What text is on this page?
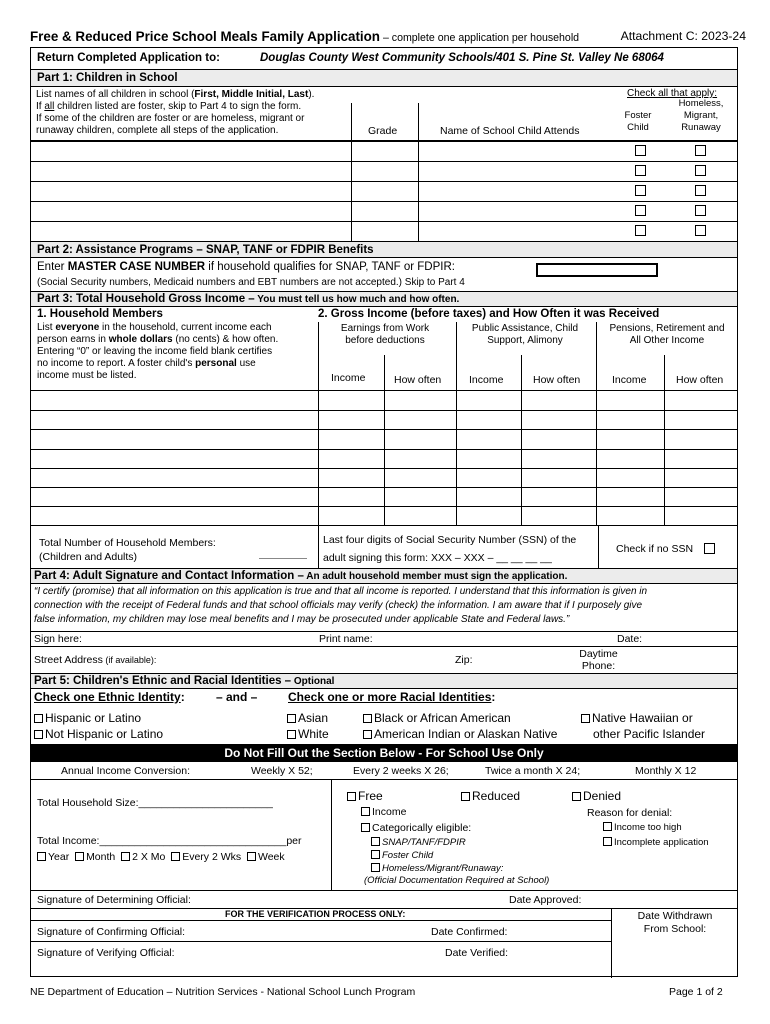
Free & Reduced Price School Meals Family Application – complete one application per household	Attachment C: 2023-24
Return Completed Application to:	Douglas County West Community Schools/401 S. Pine St. Valley Ne 68064
Part 1: Children in School
List names of all children in school (First, Middle Initial, Last).
If all children listed are foster, skip to Part 4 to sign the form.
If some of the children are foster or are homeless, migrant or
runaway children, complete all steps of the application.	Grade	Name of School Child Attends
Check all that apply:
Foster
Child
Homeless,
Migrant,
Runaway
Part 2: Assistance Programs – SNAP, TANF or FDPIR Benefits
Enter MASTER CASE NUMBER if household qualifies for SNAP, TANF or FDPIR:
(Social Security numbers, Medicaid numbers and EBT numbers are not accepted.) Skip to Part 4
Part 3: Total Household Gross Income – You must tell us how much and how often.
1. Household Members
List everyone in the household, current income each
person earns in whole dollars (no cents) & how often.
Entering “0” or leaving the income field blank certifies
no income to report. A foster child's personal use
income must be listed.
2. Gross Income (before taxes) and How Often it was Received
Earnings from Work
before deductions
Public Assistance, Child
Support, Alimony
Pensions, Retirement and
All Other Income
Income	How often	Income	How often	Income	How often
Total Number of Household Members:
(Children and Adults)
Last four digits of Social Security Number (SSN) of the
adult signing this form: XXX – XXX – __ __ __ __
Check if no SSN
Part 4: Adult Signature and Contact Information – An adult household member must sign the application.
“I certify (promise) that all information on this application is true and that all income is reported. I understand that this information is given in
connection with the receipt of Federal funds and that school officials may verify (check) the information. I am aware that if I purposely give
false information, my children may lose meal benefits and I may be prosecuted under applicable State and Federal laws.”
Sign here:	Print name:	Date:
Street Address (if available):	Zip:	Daytime
Phone:
Part 5: Children's Ethnic and Racial Identities – Optional
Check one Ethnic Identity:	– and –	Check one or more Racial Identities:
Hispanic or Latino
Not Hispanic or Latino
Asian
White
Black or African American
American Indian or Alaskan Native
Native Hawaiian or
other Pacific Islander
Do Not Fill Out the Section Below - For School Use Only
Annual Income Conversion:	Weekly X 52;	Every 2 weeks X 26;	Twice a month X 24;	Monthly X 12
Total Household Size:_______________________
Total Income:________________________________per
Year Month 2 X Mo Every 2 Wks Week
Free	Reduced	Denied
Income
Categorically eligible:
SNAP/TANF/FDPIR
Foster Child
Homeless/Migrant/Runaway:
(Official Documentation Required at School)
Reason for denial:
Income too high
Incomplete application
Signature of Determining Official:	Date Approved:
FOR THE VERIFICATION PROCESS ONLY:	Date Withdrawn
From School:
Signature of Confirming Official:	Date Confirmed:
Signature of Verifying Official:	Date Verified:
NE Department of Education – Nutrition Services - National School Lunch Program	Page 1 of 2
